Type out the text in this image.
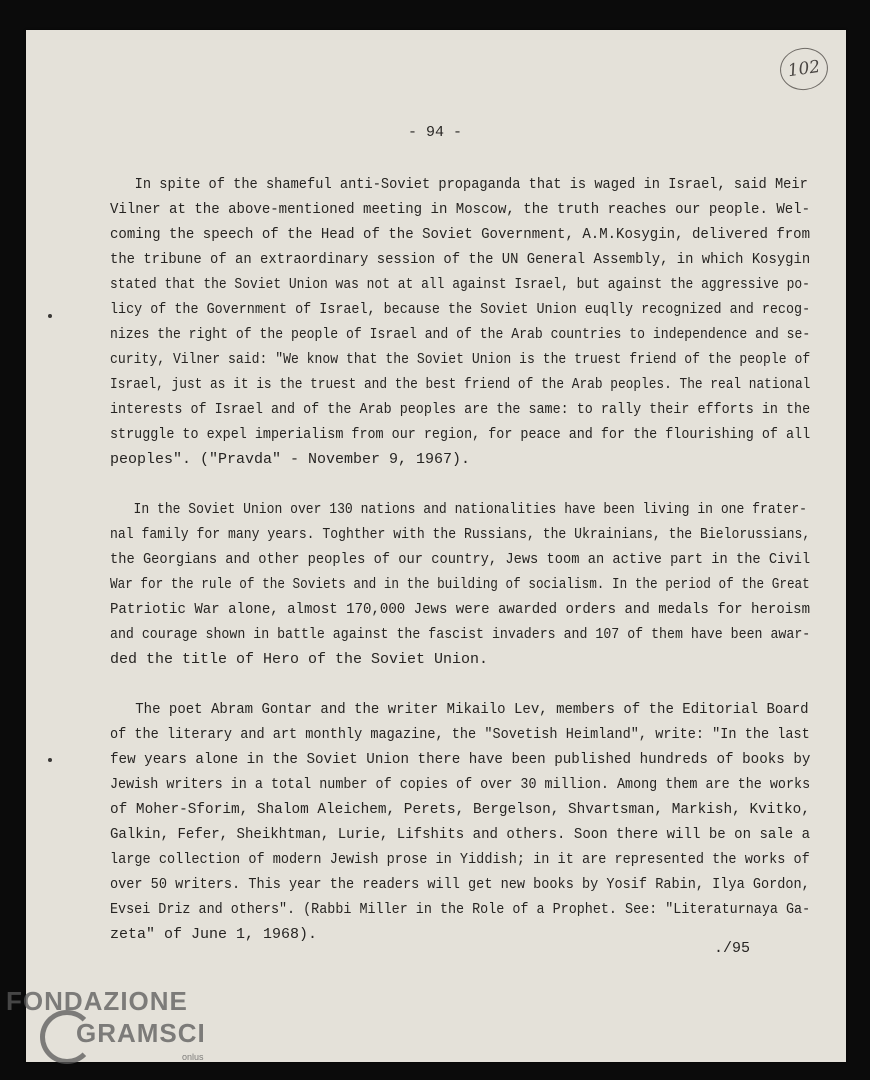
102
- 94 -

In spite of the shameful anti-Soviet propaganda that is waged in Israel, said Meir
Vilner at the above-mentioned meeting in Moscow, the truth reaches our people. Wel-
coming the speech of the Head of the Soviet Government, A.M.Kosygin, delivered from
the tribune of an extraordinary session of the UN General Assembly, in which Kosygin
stated that the Soviet Union was not at all against Israel, but against the aggressive po-
licy of the Government of Israel, because the Soviet Union euqlly recognized and recog-
nizes the right of the people of Israel and of the Arab countries to independence and se-
curity, Vilner said: "We know that the Soviet Union is the truest friend of the people of
Israel, just as it is the truest and the best friend of the Arab peoples. The real national
interests of Israel and of the Arab peoples are the same: to rally their efforts in the
struggle to expel imperialism from our region, for peace and for the flourishing of all
peoples". ("Pravda" - November 9, 1967).

In the Soviet Union over 130 nations and nationalities have been living in one frater-
nal family for many years. Toghther with the Russians, the Ukrainians, the Bielorussians,
the Georgians and other peoples of our country, Jews toom an active part in the Civil
War for the rule of the Soviets and in the building of socialism. In the period of the Great
Patriotic War alone, almost 170,000 Jews were awarded orders and medals for heroism
and courage shown in battle against the fascist invaders and 107 of them have been awar-
ded the title of Hero of the Soviet Union.

The poet Abram Gontar and the writer Mikailo Lev, members of the Editorial Board
of the literary and art monthly magazine, the "Sovetish Heimland", write: "In the last
few years alone in the Soviet Union there have been published hundreds of books by
Jewish writers in a total number of copies of over 30 million. Among them are the works
of Moher-Sforim, Shalom Aleichem, Perets, Bergelson, Shvartsman, Markish, Kvitko,
Galkin, Fefer, Sheikhtman, Lurie, Lifshits and others. Soon there will be on sale a
large collection of modern Jewish prose in Yiddish; in it are represented the works of
over 50 writers. This year the readers will get new books by Yosif Rabin, Ilya Gordon,
Evsei Driz and others". (Rabbi Miller in the Role of a Prophet. See: "Literaturnaya Ga-
zeta" of June 1, 1968).

./95
FONDAZIONE
GRAMSCI
onlus
